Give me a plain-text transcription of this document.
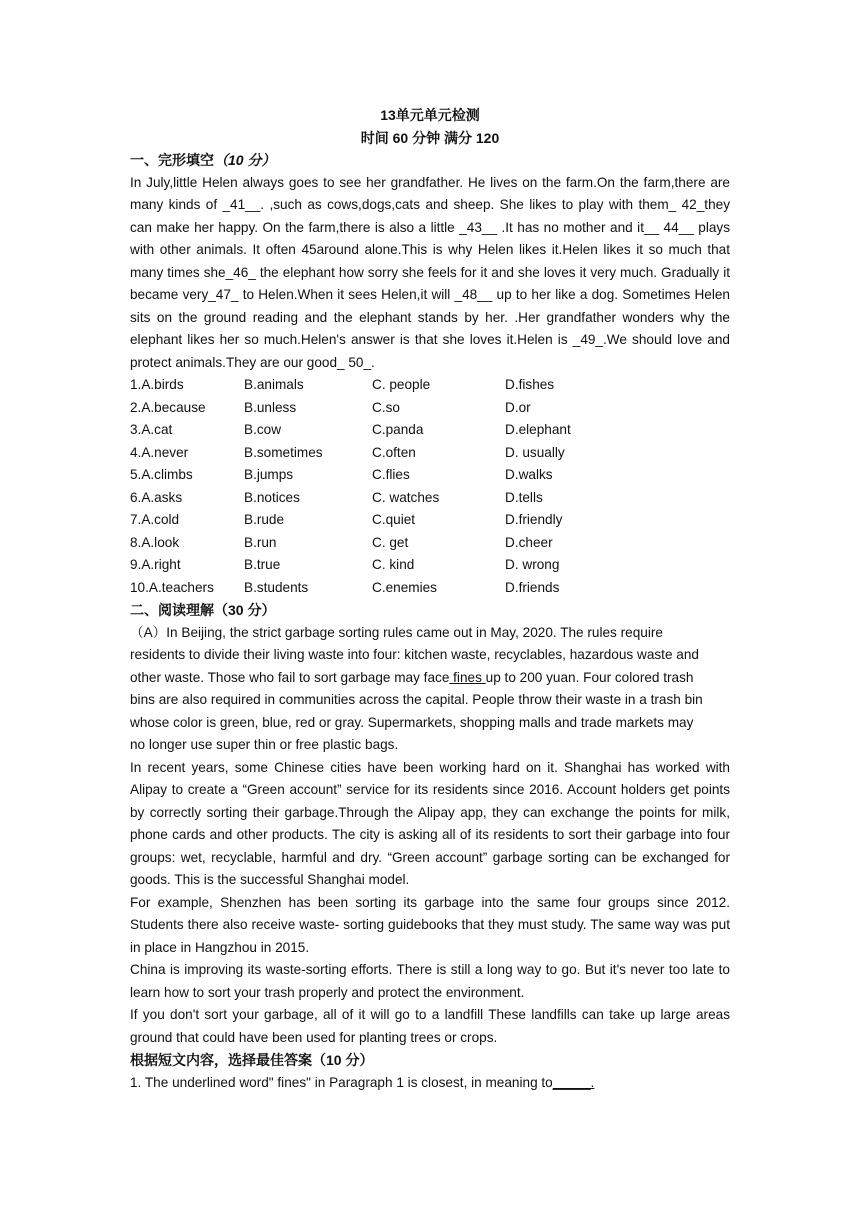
13单元单元检测
时间 60 分钟 满分 120
一、完形填空（10 分）

In July,little Helen always goes to see her grandfather. He lives on the farm.On the farm,there are many kinds of _41__. ,such as cows,dogs,cats and sheep. She likes to play with them_ 42_they can make her happy. On the farm,there is also a little _43__ .It has no mother and it__ 44__ plays with other animals. It often 45around alone.This is why Helen likes it.Helen likes it so much that many times she_46_ the elephant how sorry she feels for it and she loves it very much. Gradually it became very_47_ to Helen.When it sees Helen,it will _48__ up to her like a dog. Sometimes Helen sits on the ground reading and the elephant stands by her. .Her grandfather wonders why the elephant likes her so much.Helen's answer is that she loves it.Helen is _49_.We should love and protect animals.They are our good_ 50_.

1.A.birds	B.animals	C. people	D.fishes
2.A.because	B.unless	C.so	D.or
3.A.cat	B.cow	C.panda	D.elephant
4.A.never	B.sometimes	C.often	D. usually
5.A.climbs	B.jumps	C.flies	D.walks
6.A.asks	B.notices	C. watches	D.tells
7.A.cold	B.rude	C.quiet	D.friendly
8.A.look	B.run	C. get	D.cheer
9.A.right	B.true	C. kind	D. wrong
10.A.teachers	B.students	C.enemies	D.friends
二、阅读理解（30 分）
（A）In Beijing, the strict garbage sorting rules came out in May, 2020. The rules require
residents to divide their living waste into four: kitchen waste, recyclables, hazardous waste and
other waste. Those who fail to sort garbage may face fines up to 200 yuan. Four colored trash
bins are also required in communities across the capital. People throw their waste in a trash bin
whose color is green, blue, red or gray. Supermarkets, shopping malls and trade markets may
no longer use super thin or free plastic bags.

In recent years, some Chinese cities have been working hard on it. Shanghai has worked with Alipay to create a “Green account” service for its residents since 2016. Account holders get points by correctly sorting their garbage.Through the Alipay app, they can exchange the points for milk, phone cards and other products. The city is asking all of its residents to sort their garbage into four groups: wet, recyclable, harmful and dry. “Green account” garbage sorting can be exchanged for goods. This is the successful Shanghai model.

For example, Shenzhen has been sorting its garbage into the same four groups since 2012. Students there also receive waste- sorting guidebooks that they must study. The same way was put in place in Hangzhou in 2015.

China is improving its waste-sorting efforts. There is still a long way to go. But it's never too late to learn how to sort your trash properly and protect the environment.

If you don't sort your garbage, all of it will go to a landfill These landfills can take up large areas ground that could have been used for planting trees or crops.

根据短文内容，选择最佳答案（10 分）
1. The underlined word" fines" in Paragraph 1 is closest, in meaning to_____.
